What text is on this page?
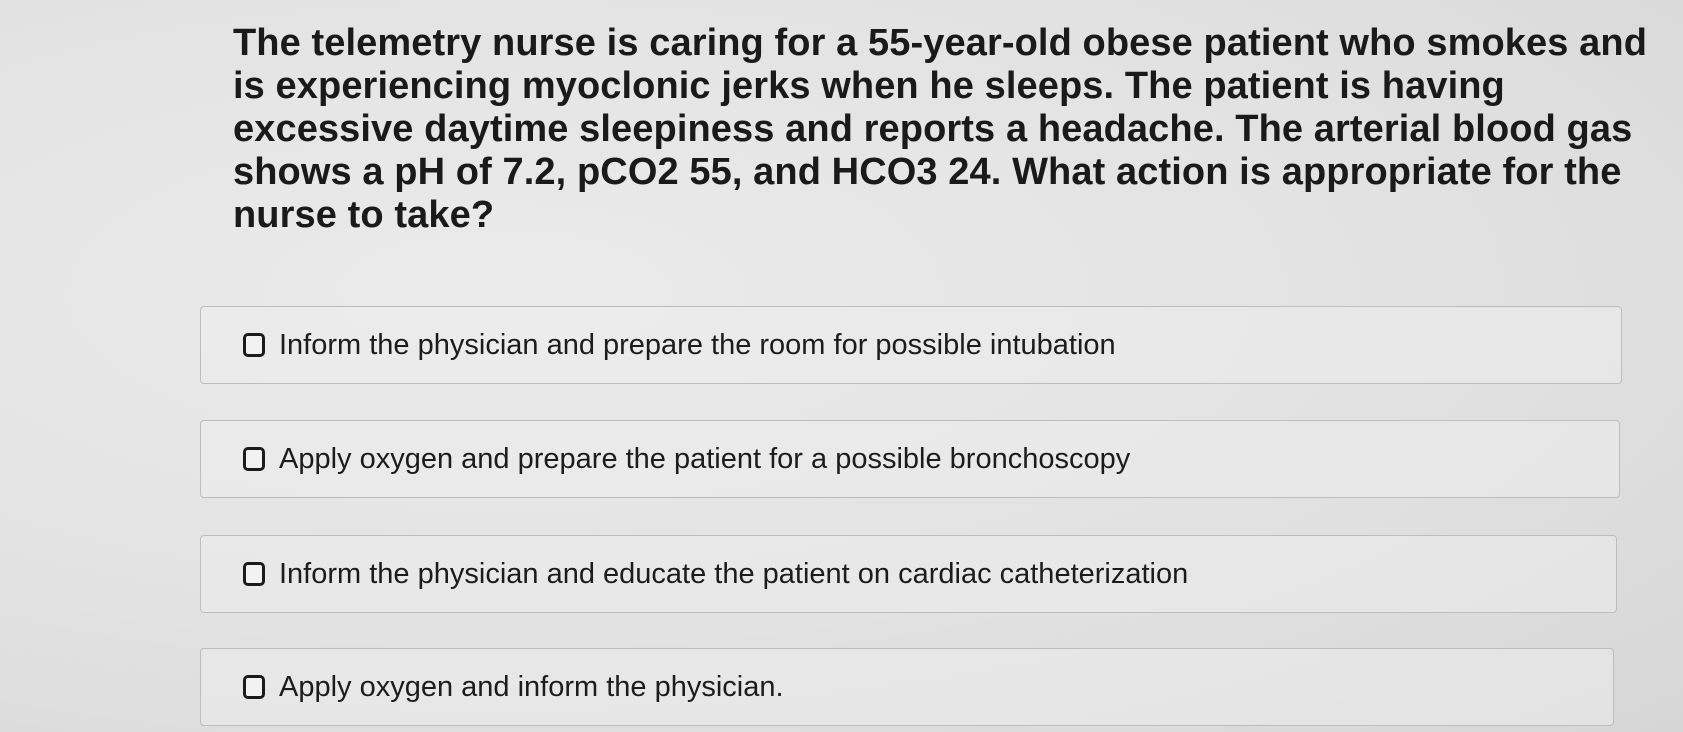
The telemetry nurse is caring for a 55-year-old obese patient who smokes and is experiencing myoclonic jerks when he sleeps. The patient is having excessive daytime sleepiness and reports a headache. The arterial blood gas shows a pH of 7.2, pCO2 55, and HCO3 24. What action is appropriate for the nurse to take?

Inform the physician and prepare the room for possible intubation
Apply oxygen and prepare the patient for a possible bronchoscopy
Inform the physician and educate the patient on cardiac catheterization
Apply oxygen and inform the physician.
